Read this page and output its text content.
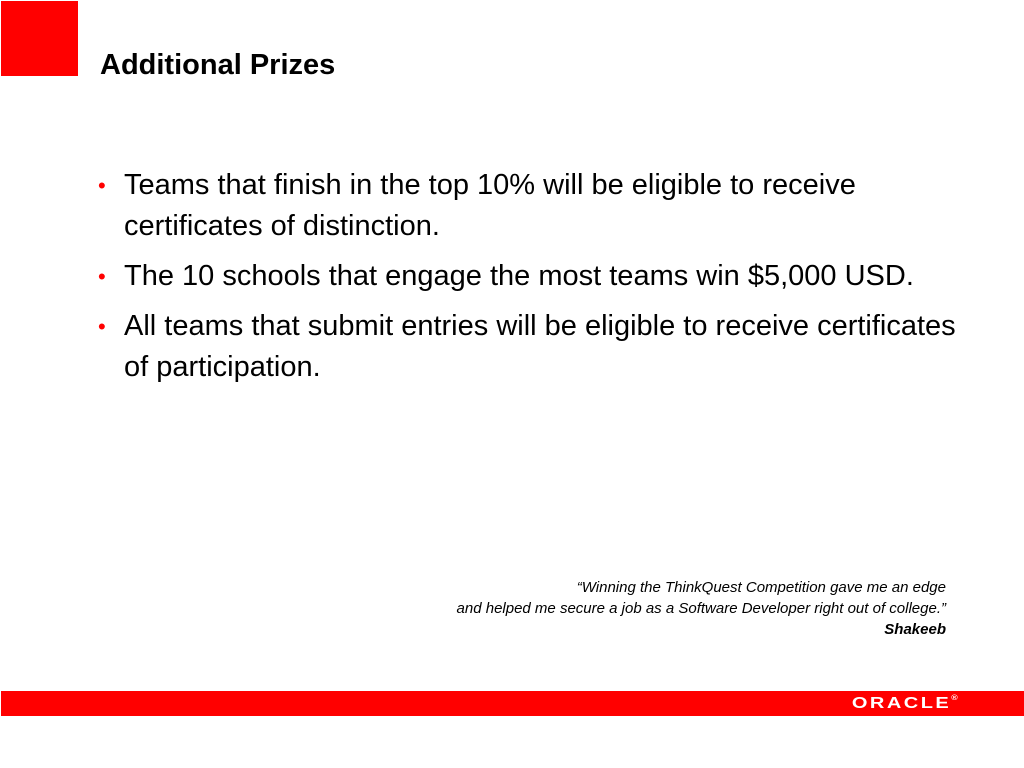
Additional Prizes
• Teams that finish in the top 10% will be eligible to receive certificates of distinction.
• The 10 schools that engage the most teams win $5,000 USD.
• All teams that submit entries will be eligible to receive certificates of participation.
“Winning the ThinkQuest Competition gave me an edge
and helped me secure a job as a Software Developer right out of college.”
Shakeeb
ORACLE®
